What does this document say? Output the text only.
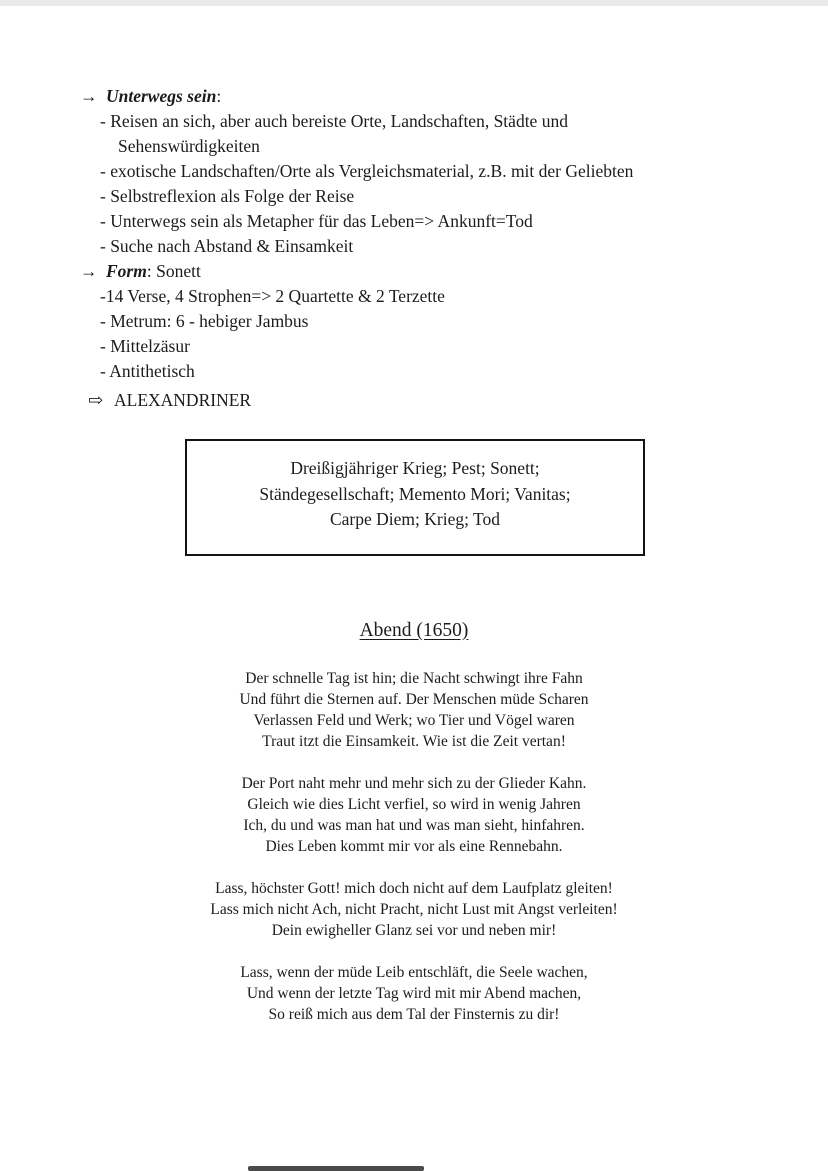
→ Unterwegs sein:
- Reisen an sich, aber auch bereiste Orte, Landschaften, Städte und Sehenswürdigkeiten
- exotische Landschaften/Orte als Vergleichsmaterial, z.B. mit der Geliebten
- Selbstreflexion als Folge der Reise
- Unterwegs sein als Metapher für das Leben=> Ankunft=Tod
- Suche nach Abstand & Einsamkeit
→ Form: Sonett
-14 Verse, 4 Strophen=> 2 Quartette & 2 Terzette
- Metrum: 6 - hebiger Jambus
- Mittelzäsur
- Antithetisch
⇨ ALEXANDRINER
Dreißigjähriger Krieg; Pest; Sonett;
Ständegesellschaft; Memento Mori; Vanitas;
Carpe Diem; Krieg; Tod
Abend (1650)
Der schnelle Tag ist hin; die Nacht schwingt ihre Fahn
Und führt die Sternen auf. Der Menschen müde Scharen
Verlassen Feld und Werk; wo Tier und Vögel waren
Traut itzt die Einsamkeit. Wie ist die Zeit vertan!
Der Port naht mehr und mehr sich zu der Glieder Kahn.
Gleich wie dies Licht verfiel, so wird in wenig Jahren
Ich, du und was man hat und was man sieht, hinfahren.
Dies Leben kommt mir vor als eine Rennebahn.
Lass, höchster Gott! mich doch nicht auf dem Laufplatz gleiten!
Lass mich nicht Ach, nicht Pracht, nicht Lust mit Angst verleiten!
Dein ewigheller Glanz sei vor und neben mir!
Lass, wenn der müde Leib entschläft, die Seele wachen,
Und wenn der letzte Tag wird mit mir Abend machen,
So reiß mich aus dem Tal der Finsternis zu dir!
